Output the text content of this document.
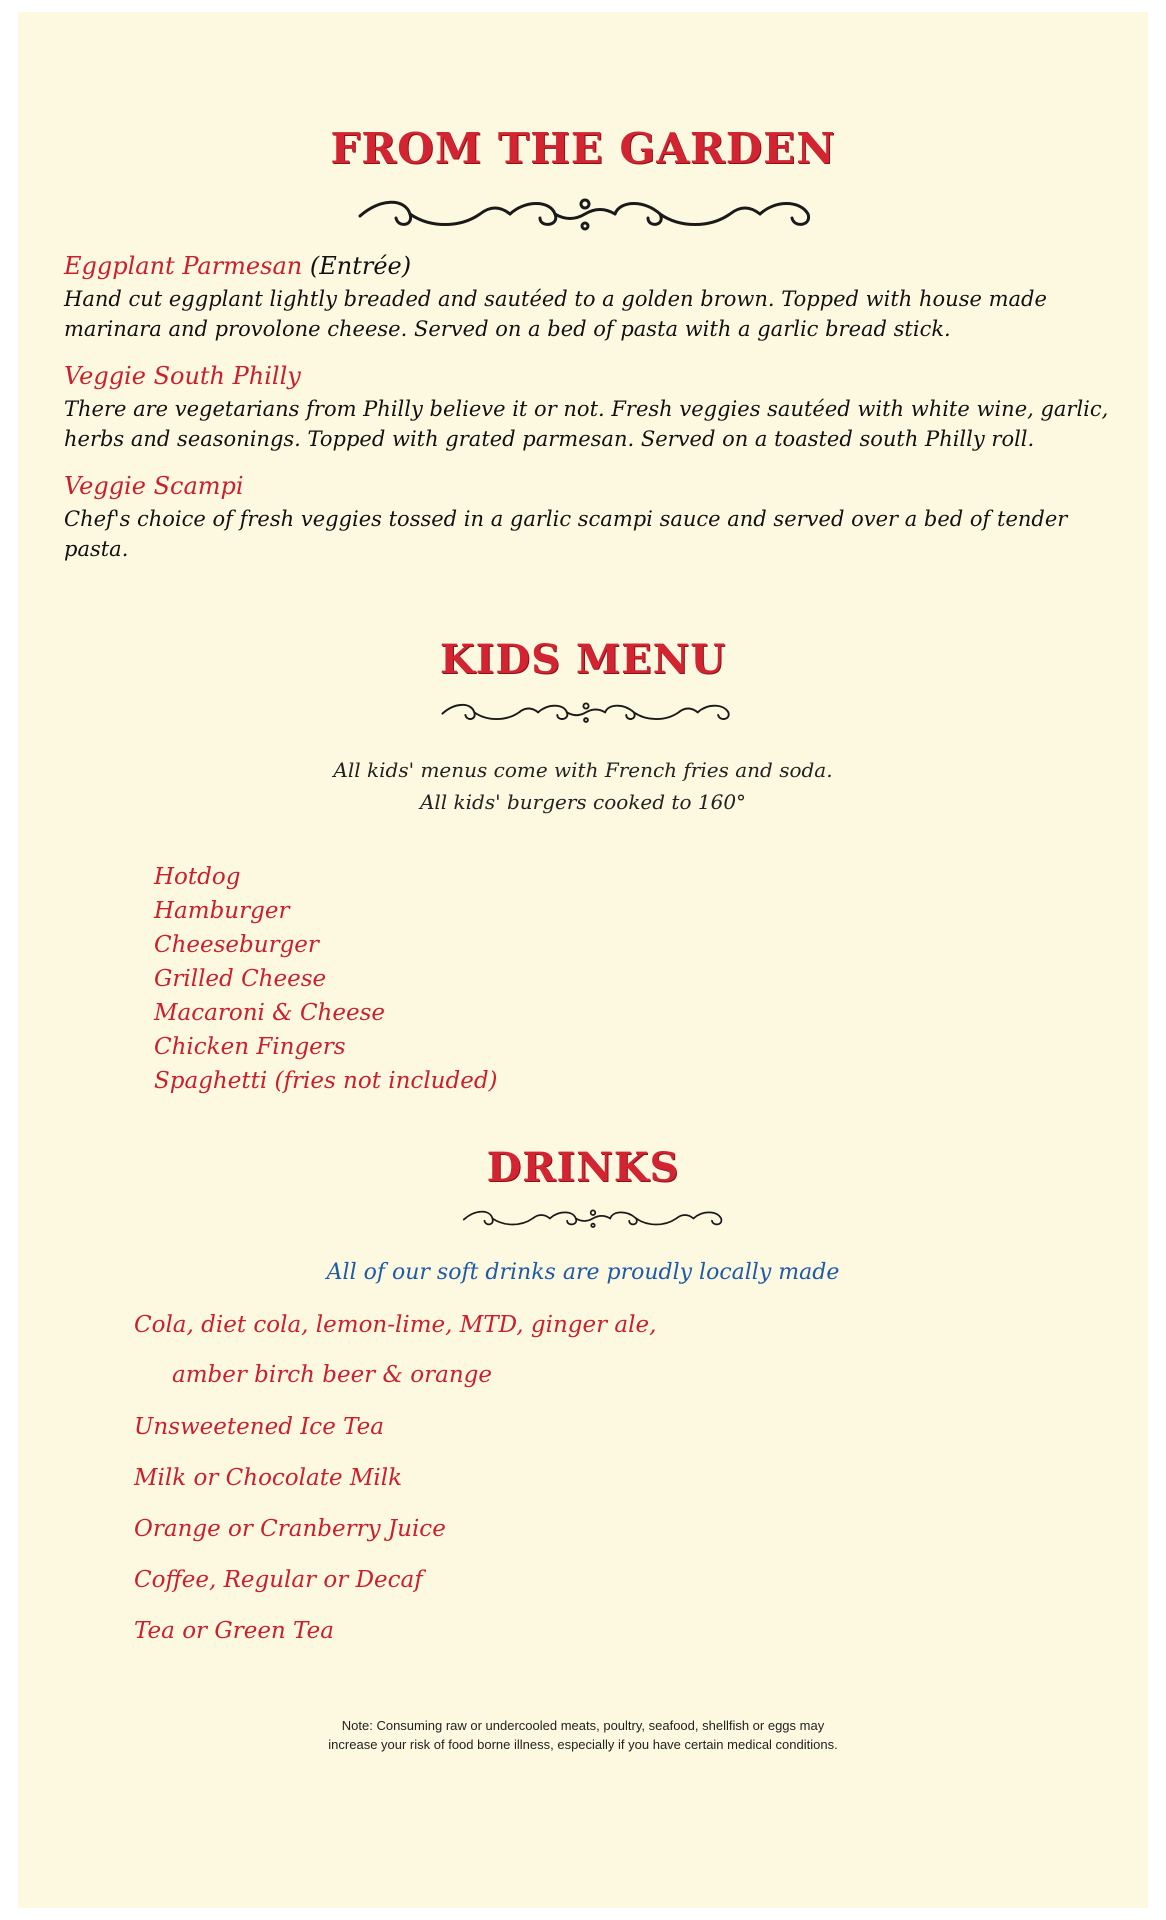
FROM THE GARDEN
Eggplant Parmesan (Entrée)
Hand cut eggplant lightly breaded and sautéed to a golden brown. Topped with house made
marinara and provolone cheese. Served on a bed of pasta with a garlic bread stick.
Veggie South Philly
There are vegetarians from Philly believe it or not. Fresh veggies sautéed with white wine, garlic,
herbs and seasonings. Topped with grated parmesan. Served on a toasted south Philly roll.
Veggie Scampi
Chef's choice of fresh veggies tossed in a garlic scampi sauce and served over a bed of tender pasta.
KIDS MENU
All kids' menus come with French fries and soda.
All kids' burgers cooked to 160°
Hotdog
Hamburger
Cheeseburger
Grilled Cheese
Macaroni & Cheese
Chicken Fingers
Spaghetti (fries not included)
DRINKS
All of our soft drinks are proudly locally made
Cola, diet cola, lemon-lime, MTD, ginger ale,
amber birch beer & orange
Unsweetened Ice Tea
Milk or Chocolate Milk
Orange or Cranberry Juice
Coffee, Regular or Decaf
Tea or Green Tea
Note: Consuming raw or undercooled meats, poultry, seafood, shellfish or eggs may
increase your risk of food borne illness, especially if you have certain medical conditions.
